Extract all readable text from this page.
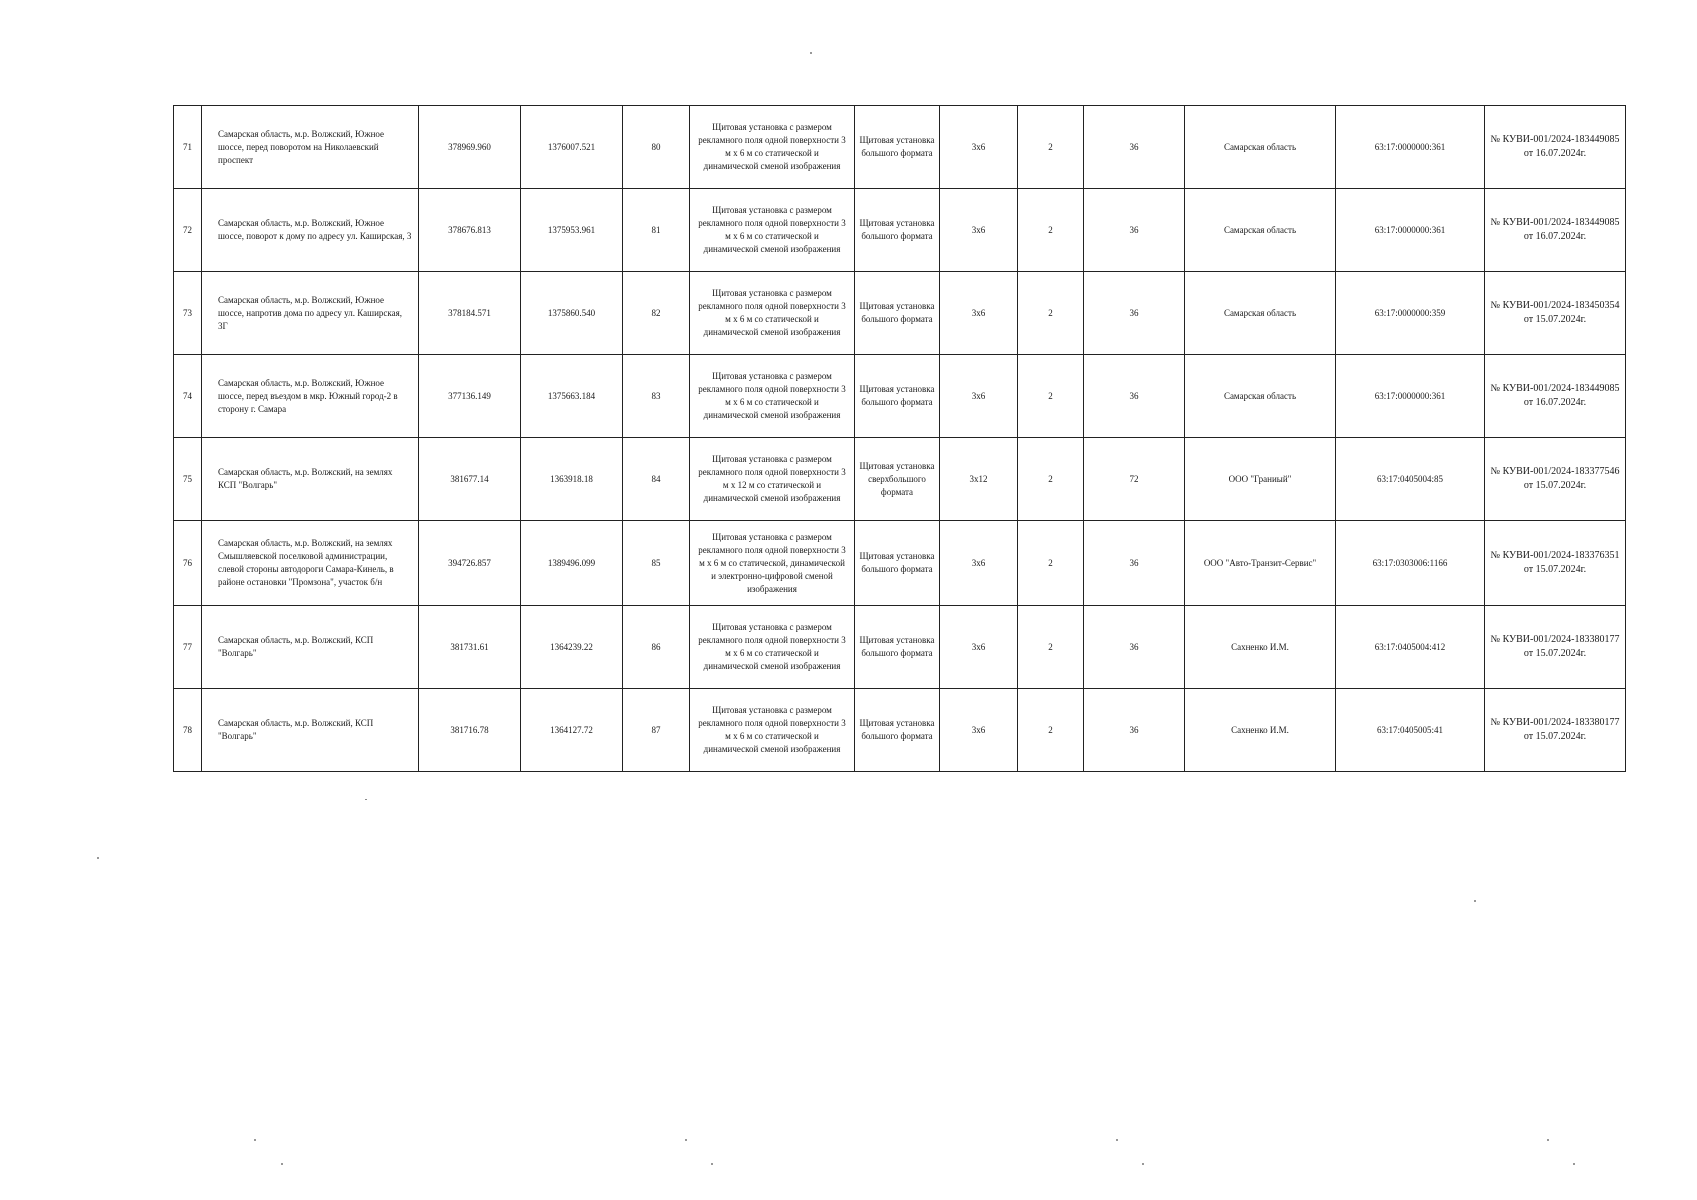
71	Самарская область, м.р. Волжский, Южное шоссе, перед поворотом на Николаевский проспект	378969.960	1376007.521	80	Щитовая установка с размером рекламного поля одной поверхности 3 м х 6 м со статической и динамической сменой изображения	Щитовая установка большого формата	3х6	2	36	Самарская область	63:17:0000000:361	№ КУВИ-001/2024-183449085 от 16.07.2024г.
72	Самарская область, м.р. Волжский, Южное шоссе, поворот к дому по адресу ул. Каширская, 3	378676.813	1375953.961	81	Щитовая установка с размером рекламного поля одной поверхности 3 м х 6 м со статической и динамической сменой изображения	Щитовая установка большого формата	3х6	2	36	Самарская область	63:17:0000000:361	№ КУВИ-001/2024-183449085 от 16.07.2024г.
73	Самарская область, м.р. Волжский, Южное шоссе, напротив дома по адресу ул. Каширская, 3Г	378184.571	1375860.540	82	Щитовая установка с размером рекламного поля одной поверхности 3 м х 6 м со статической и динамической сменой изображения	Щитовая установка большого формата	3х6	2	36	Самарская область	63:17:0000000:359	№ КУВИ-001/2024-183450354 от 15.07.2024г.
74	Самарская область, м.р. Волжский, Южное шоссе, перед въездом в мкр. Южный город-2 в сторону г. Самара	377136.149	1375663.184	83	Щитовая установка с размером рекламного поля одной поверхности 3 м х 6 м со статической и динамической сменой изображения	Щитовая установка большого формата	3х6	2	36	Самарская область	63:17:0000000:361	№ КУВИ-001/2024-183449085 от 16.07.2024г.
75	Самарская область, м.р. Волжский, на землях КСП "Волгарь"	381677.14	1363918.18	84	Щитовая установка с размером рекламного поля одной поверхности 3 м х 12 м со статической и динамической сменой изображения	Щитовая установка сверхбольшого формата	3х12	2	72	ООО "Граниый"	63:17:0405004:85	№ КУВИ-001/2024-183377546 от 15.07.2024г.
76	Самарская область, м.р. Волжский, на землях Смышляевской поселковой администрации, слевой стороны автодороги Самара-Кинель, в районе остановки "Промзона", участок б/н	394726.857	1389496.099	85	Щитовая установка с размером рекламного поля одной поверхности 3 м х 6 м со статической, динамической и электронно-цифровой сменой изображения	Щитовая установка большого формата	3х6	2	36	ООО "Авто-Транзит-Сервис"	63:17:0303006:1166	№ КУВИ-001/2024-183376351 от 15.07.2024г.
77	Самарская область, м.р. Волжский, КСП "Волгарь"	381731.61	1364239.22	86	Щитовая установка с размером рекламного поля одной поверхности 3 м х 6 м со статической и динамической сменой изображения	Щитовая установка большого формата	3х6	2	36	Сахненко И.М.	63:17:0405004:412	№ КУВИ-001/2024-183380177 от 15.07.2024г.
78	Самарская область, м.р. Волжский, КСП "Волгарь"	381716.78	1364127.72	87	Щитовая установка с размером рекламного поля одной поверхности 3 м х 6 м со статической и динамической сменой изображения	Щитовая установка большого формата	3х6	2	36	Сахненко И.М.	63:17:0405005:41	№ КУВИ-001/2024-183380177 от 15.07.2024г.
